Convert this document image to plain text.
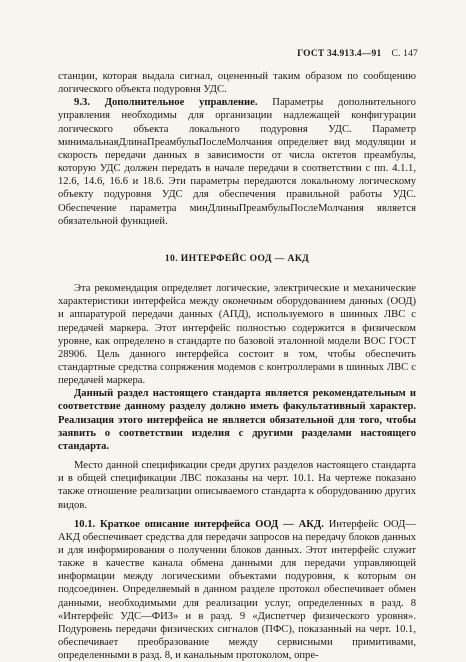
ГОСТ 34.913.4—91 С. 147

станции, которая выдала сигнал, оцененный таким образом по сообщению логического объекта подуровня УДС.

9.3. Дополнительное управление. Параметры дополнительного управления необходимы для организации надлежащей конфигурации логического объекта локального подуровня УДС. Параметр минимальнаяДлинаПреамбулыПослеМолчания определяет вид модуляции и скорость передачи данных в зависимости от числа октетов преамбулы, которую УДС должен передать в начале передачи в соответствии с пп. 4.1.1, 12.6, 14.6, 16.6 и 18.6. Эти параметры передаются локальному логическому объекту подуровня УДС для обеспечения правильной работы УДС. Обеспечение параметра минДлиныПреамбулыПослеМолчания является обязательной функцией.

10. ИНТЕРФЕЙС ООД — АКД

Эта рекомендация определяет логические, электрические и механические характеристики интерфейса между оконечным оборудованием данных (ООД) и аппаратурой передачи данных (АПД), используемого в шинных ЛВС с передачей маркера. Этот интерфейс полностью содержится в физическом уровне, как определено в стандарте по базовой эталонной модели ВОС ГОСТ 28906. Цель данного интерфейса состоит в том, чтобы обеспечить стандартные средства сопряжения модемов с контроллерами в шинных ЛВС с передачей маркера.

Данный раздел настоящего стандарта является рекомендательным и соответствие данному разделу должно иметь факультативный характер. Реализация этого интерфейса не является обязательной для того, чтобы заявить о соответствии изделия с другими разделами настоящего стандарта.

Место данной спецификации среди других разделов настоящего стандарта и в общей спецификации ЛВС показаны на черт. 10.1. На чертеже показано также отношение реализации описываемого стандарта к оборудованию других видов.

10.1. Краткое описание интерфейса ООД — АКД. Интерфейс ООД—АКД обеспечивает средства для передачи запросов на передачу блоков данных и для информирования о получении блоков данных. Этот интерфейс служит также в качестве канала обмена данными для передачи управляющей информации между логическими объектами подуровня, к которым он подсоединен. Определяемый в данном разделе протокол обеспечивает обмен данными, необходимыми для реализации услуг, определенных в разд. 8 «Интерфейс УДС—ФИЗ» и в разд. 9 «Диспетчер физического уровня». Подуровень передачи физических сигналов (ПФС), показанный на черт. 10.1, обеспечивает преобразование между сервисными примитивами, определенными в разд. 8, и канальным протоколом, опре-
